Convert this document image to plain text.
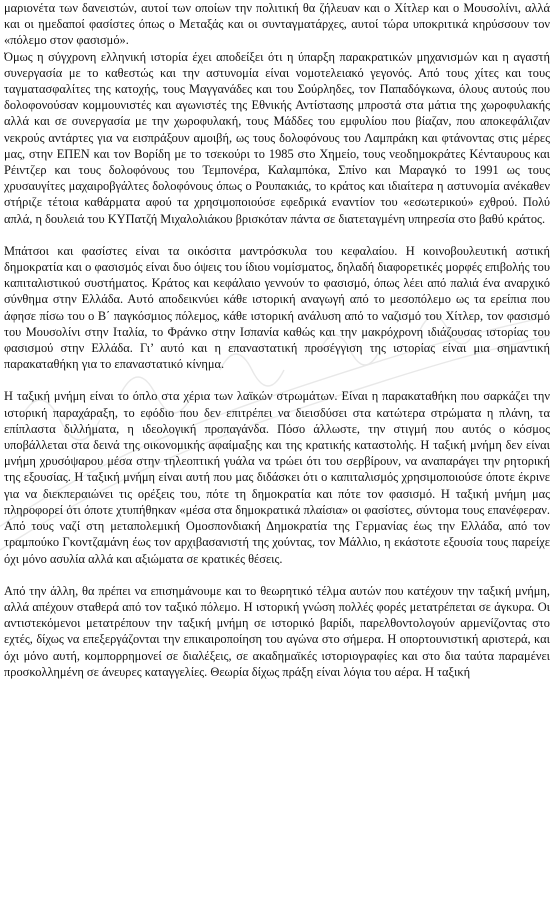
μαριονέτα των δανειστών, αυτοί των οποίων την πολιτική θα ζήλευαν και ο Χίτλερ και ο Μουσολίνι, αλλά και οι ημεδαποί φασίστες όπως ο Μεταξάς και οι συνταγματάρχες, αυτοί τώρα υποκριτικά κηρύσσουν τον «πόλεμο στον φασισμό».

Όμως η σύγχρονη ελληνική ιστορία έχει αποδείξει ότι η ύπαρξη παρακρατικών μηχανισμών και η αγαστή συνεργασία με το καθεστώς και την αστυνομία είναι νομοτελειακό γεγονός. Από τους χίτες και τους ταγματασφαλίτες της κατοχής, τους Μαγγανάδες και του Σούρληδες, τον Παπαδόγκωνα, όλους αυτούς που δολοφονούσαν κομμουνιστές και αγωνιστές της Εθνικής Αντίστασης μπροστά στα μάτια της χωροφυλακής αλλά και σε συνεργασία με την χωροφυλακή, τους Μάδδες του εμφυλίου που βίαζαν, που αποκεφάλιζαν νεκρούς αντάρτες για να εισπράξουν αμοιβή, ως τους δολοφόνους του Λαμπράκη και φτάνοντας στις μέρες μας, στην ΕΠΕΝ και τον Βορίδη με το τσεκούρι το 1985 στο Χημείο, τους νεοδημοκράτες Κένταυρους και Ρέιντζερ και τους δολοφόνους του Τεμπονέρα, Καλαμπόκα, Σπίνο και Μαραγκό το 1991 ως τους χρυσαυγίτες μαχαιροβγάλτες δολοφόνους όπως ο Ρουπακιάς, το κράτος και ιδιαίτερα η αστυνομία ανέκαθεν στήριζε τέτοια καθάρματα αφού τα χρησιμοποιούσε εφεδρικά εναντίον του «εσωτερικού» εχθρού. Πολύ απλά, η δουλειά του ΚΥΠατζή Μιχαλολιάκου βρισκόταν πάντα σε διατεταγμένη υπηρεσία στο βαθύ κράτος.

Μπάτσοι και φασίστες είναι τα οικόσιτα μαντρόσκυλα του κεφαλαίου. Η κοινοβουλευτική αστική δημοκρατία και ο φασισμός είναι δυο όψεις του ίδιου νομίσματος, δηλαδή διαφορετικές μορφές επιβολής του καπιταλιστικού συστήματος. Κράτος και κεφάλαιο γεννούν το φασισμό, όπως λέει από παλιά ένα αναρχικό σύνθημα στην Ελλάδα. Αυτό αποδεικνύει κάθε ιστορική αναγωγή από το μεσοπόλεμο ως τα ερείπια που άφησε πίσω του ο Β΄ παγκόσμιος πόλεμος, κάθε ιστορική ανάλυση από το ναζισμό του Χίτλερ, τον φασισμό του Μουσολίνι στην Ιταλία, το Φράνκο στην Ισπανία καθώς και την μακρόχρονη ιδιάζουσας ιστορίας του φασισμού στην Ελλάδα. Γι’ αυτό και η επαναστατική προσέγγιση της ιστορίας είναι μια σημαντική παρακαταθήκη για το επαναστατικό κίνημα.

Η ταξική μνήμη είναι το όπλο στα χέρια των λαϊκών στρωμάτων. Είναι η παρακαταθήκη που σαρκάζει την ιστορική παραχάραξη, το εφόδιο που δεν επιτρέπει να διεισδύσει στα κατώτερα στρώματα η πλάνη, τα επίπλαστα διλλήματα, η ιδεολογική προπαγάνδα. Πόσο άλλωστε, την στιγμή που αυτός ο κόσμος υποβάλλεται στα δεινά της οικονομικής αφαίμαξης και της κρατικής καταστολής. Η ταξική μνήμη δεν είναι μνήμη χρυσόψαρου μέσα στην τηλεοπτική γυάλα να τρώει ότι του σερβίρουν, να αναπαράγει την ρητορική της εξουσίας. Η ταξική μνήμη είναι αυτή που μας διδάσκει ότι ο καπιταλισμός χρησιμοποιούσε όποτε έκρινε για να διεκπεραιώνει τις ορέξεις του, πότε τη δημοκρατία και πότε τον φασισμό. Η ταξική μνήμη μας πληροφορεί ότι όποτε χτυπήθηκαν «μέσα στα δημοκρατικά πλαίσια» οι φασίστες, σύντομα τους επανέφεραν. Από τους ναζί στη μεταπολεμική Ομοσπονδιακή Δημοκρατία της Γερμανίας έως την Ελλάδα, από τον τραμπούκο Γκοντζαμάνη έως τον αρχιβασανιστή της χούντας, τον Μάλλιο, η εκάστοτε εξουσία τους παρείχε όχι μόνο ασυλία αλλά και αξιώματα σε κρατικές θέσεις.

Από την άλλη, θα πρέπει να επισημάνουμε και το θεωρητικό τέλμα αυτών που κατέχουν την ταξική μνήμη, αλλά απέχουν σταθερά από τον ταξικό πόλεμο. Η ιστορική γνώση πολλές φορές μετατρέπεται σε άγκυρα. Οι αντιστεκόμενοι μετατρέπουν την ταξική μνήμη σε ιστορικό βαρίδι, παρελθοντολογούν αρμενίζοντας στο εχτές, δίχως να επεξεργάζονται την επικαιροποίηση του αγώνα στο σήμερα. Η οπορτουνιστική αριστερά, και όχι μόνο αυτή, κομπορρημονεί σε διαλέξεις, σε ακαδημαϊκές ιστοριογραφίες και στο δια ταύτα παραμένει προσκολλημένη σε άνευρες καταγγελίες. Θεωρία δίχως πράξη είναι λόγια του αέρα. Η ταξική
